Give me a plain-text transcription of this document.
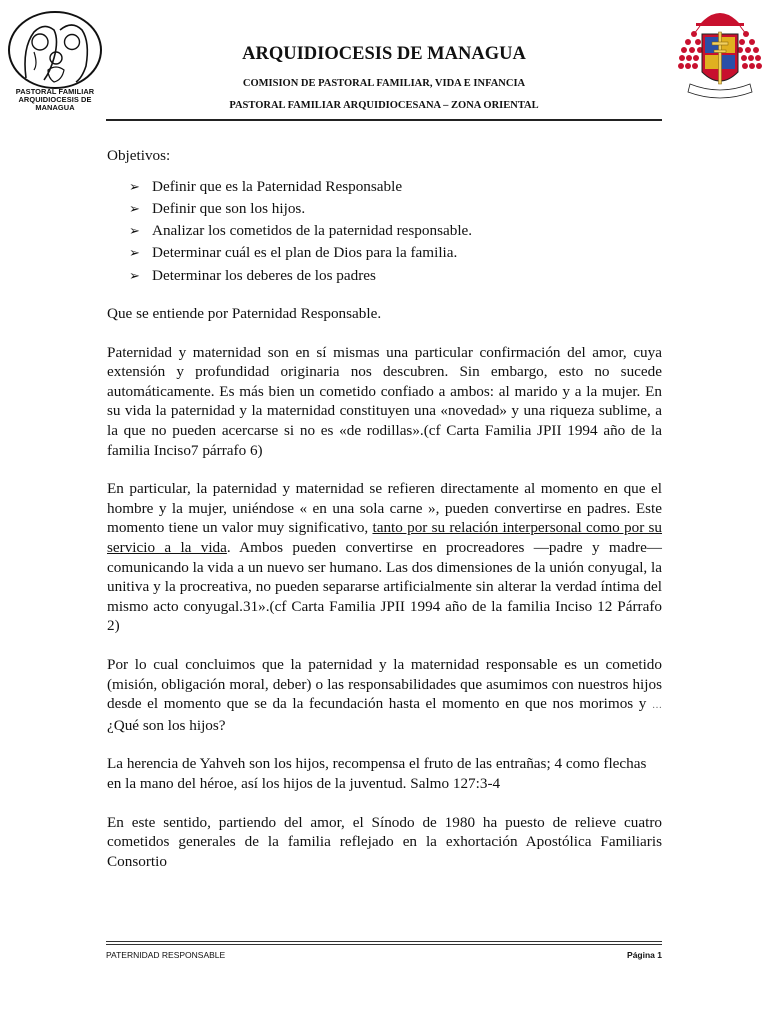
PASTORAL FAMILIAR
ARQUIDIOCESIS DE MANAGUA
ARQUIDIOCESIS DE MANAGUA
COMISION DE PASTORAL FAMILIAR, VIDA E INFANCIA
PASTORAL FAMILIAR ARQUIDIOCESANA – ZONA ORIENTAL

Objetivos:

➢ Definir que es la Paternidad Responsable
➢ Definir que son los hijos.
➢ Analizar los cometidos de la paternidad responsable.
➢ Determinar cuál es el plan de Dios para la familia.
➢ Determinar los deberes de los padres

Que se entiende por Paternidad Responsable.

Paternidad y maternidad son en sí mismas una particular confirmación del amor, cuya extensión y profundidad originaria nos descubren. Sin embargo, esto no sucede automáticamente. Es más bien un cometido confiado a ambos: al marido y a la mujer. En su vida la paternidad y la maternidad constituyen una «novedad» y una riqueza sublime, a la que no pueden acercarse si no es «de rodillas».(cf Carta Familia JPII 1994 año de la familia Inciso7 párrafo 6)

En particular, la paternidad y maternidad se refieren directamente al momento en que el hombre y la mujer, uniéndose « en una sola carne », pueden convertirse en padres. Este momento tiene un valor muy significativo, tanto por su relación interpersonal como por su servicio a la vida. Ambos pueden convertirse en procreadores —padre y madre— comunicando la vida a un nuevo ser humano. Las dos dimensiones de la unión conyugal, la unitiva y la procreativa, no pueden separarse artificialmente sin alterar la verdad íntima del mismo acto conyugal.31».(cf Carta Familia JPII 1994 año de la familia Inciso 12 Párrafo 2)

Por lo cual concluimos que la paternidad y la maternidad responsable es un cometido (misión, obligación moral, deber) o las responsabilidades que asumimos con nuestros hijos desde el momento que se da la fecundación hasta el momento en que nos morimos y …¿Qué son los hijos?

La herencia de Yahveh son los hijos, recompensa el fruto de las entrañas; 4 como flechas en la mano del héroe, así los hijos de la juventud. Salmo 127:3-4

En este sentido, partiendo del amor, el Sínodo de 1980 ha puesto de relieve cuatro cometidos generales de la familia reflejado en la exhortación Apostólica Familiaris Consortio

PATERNIDAD RESPONSABLE	Página 1
